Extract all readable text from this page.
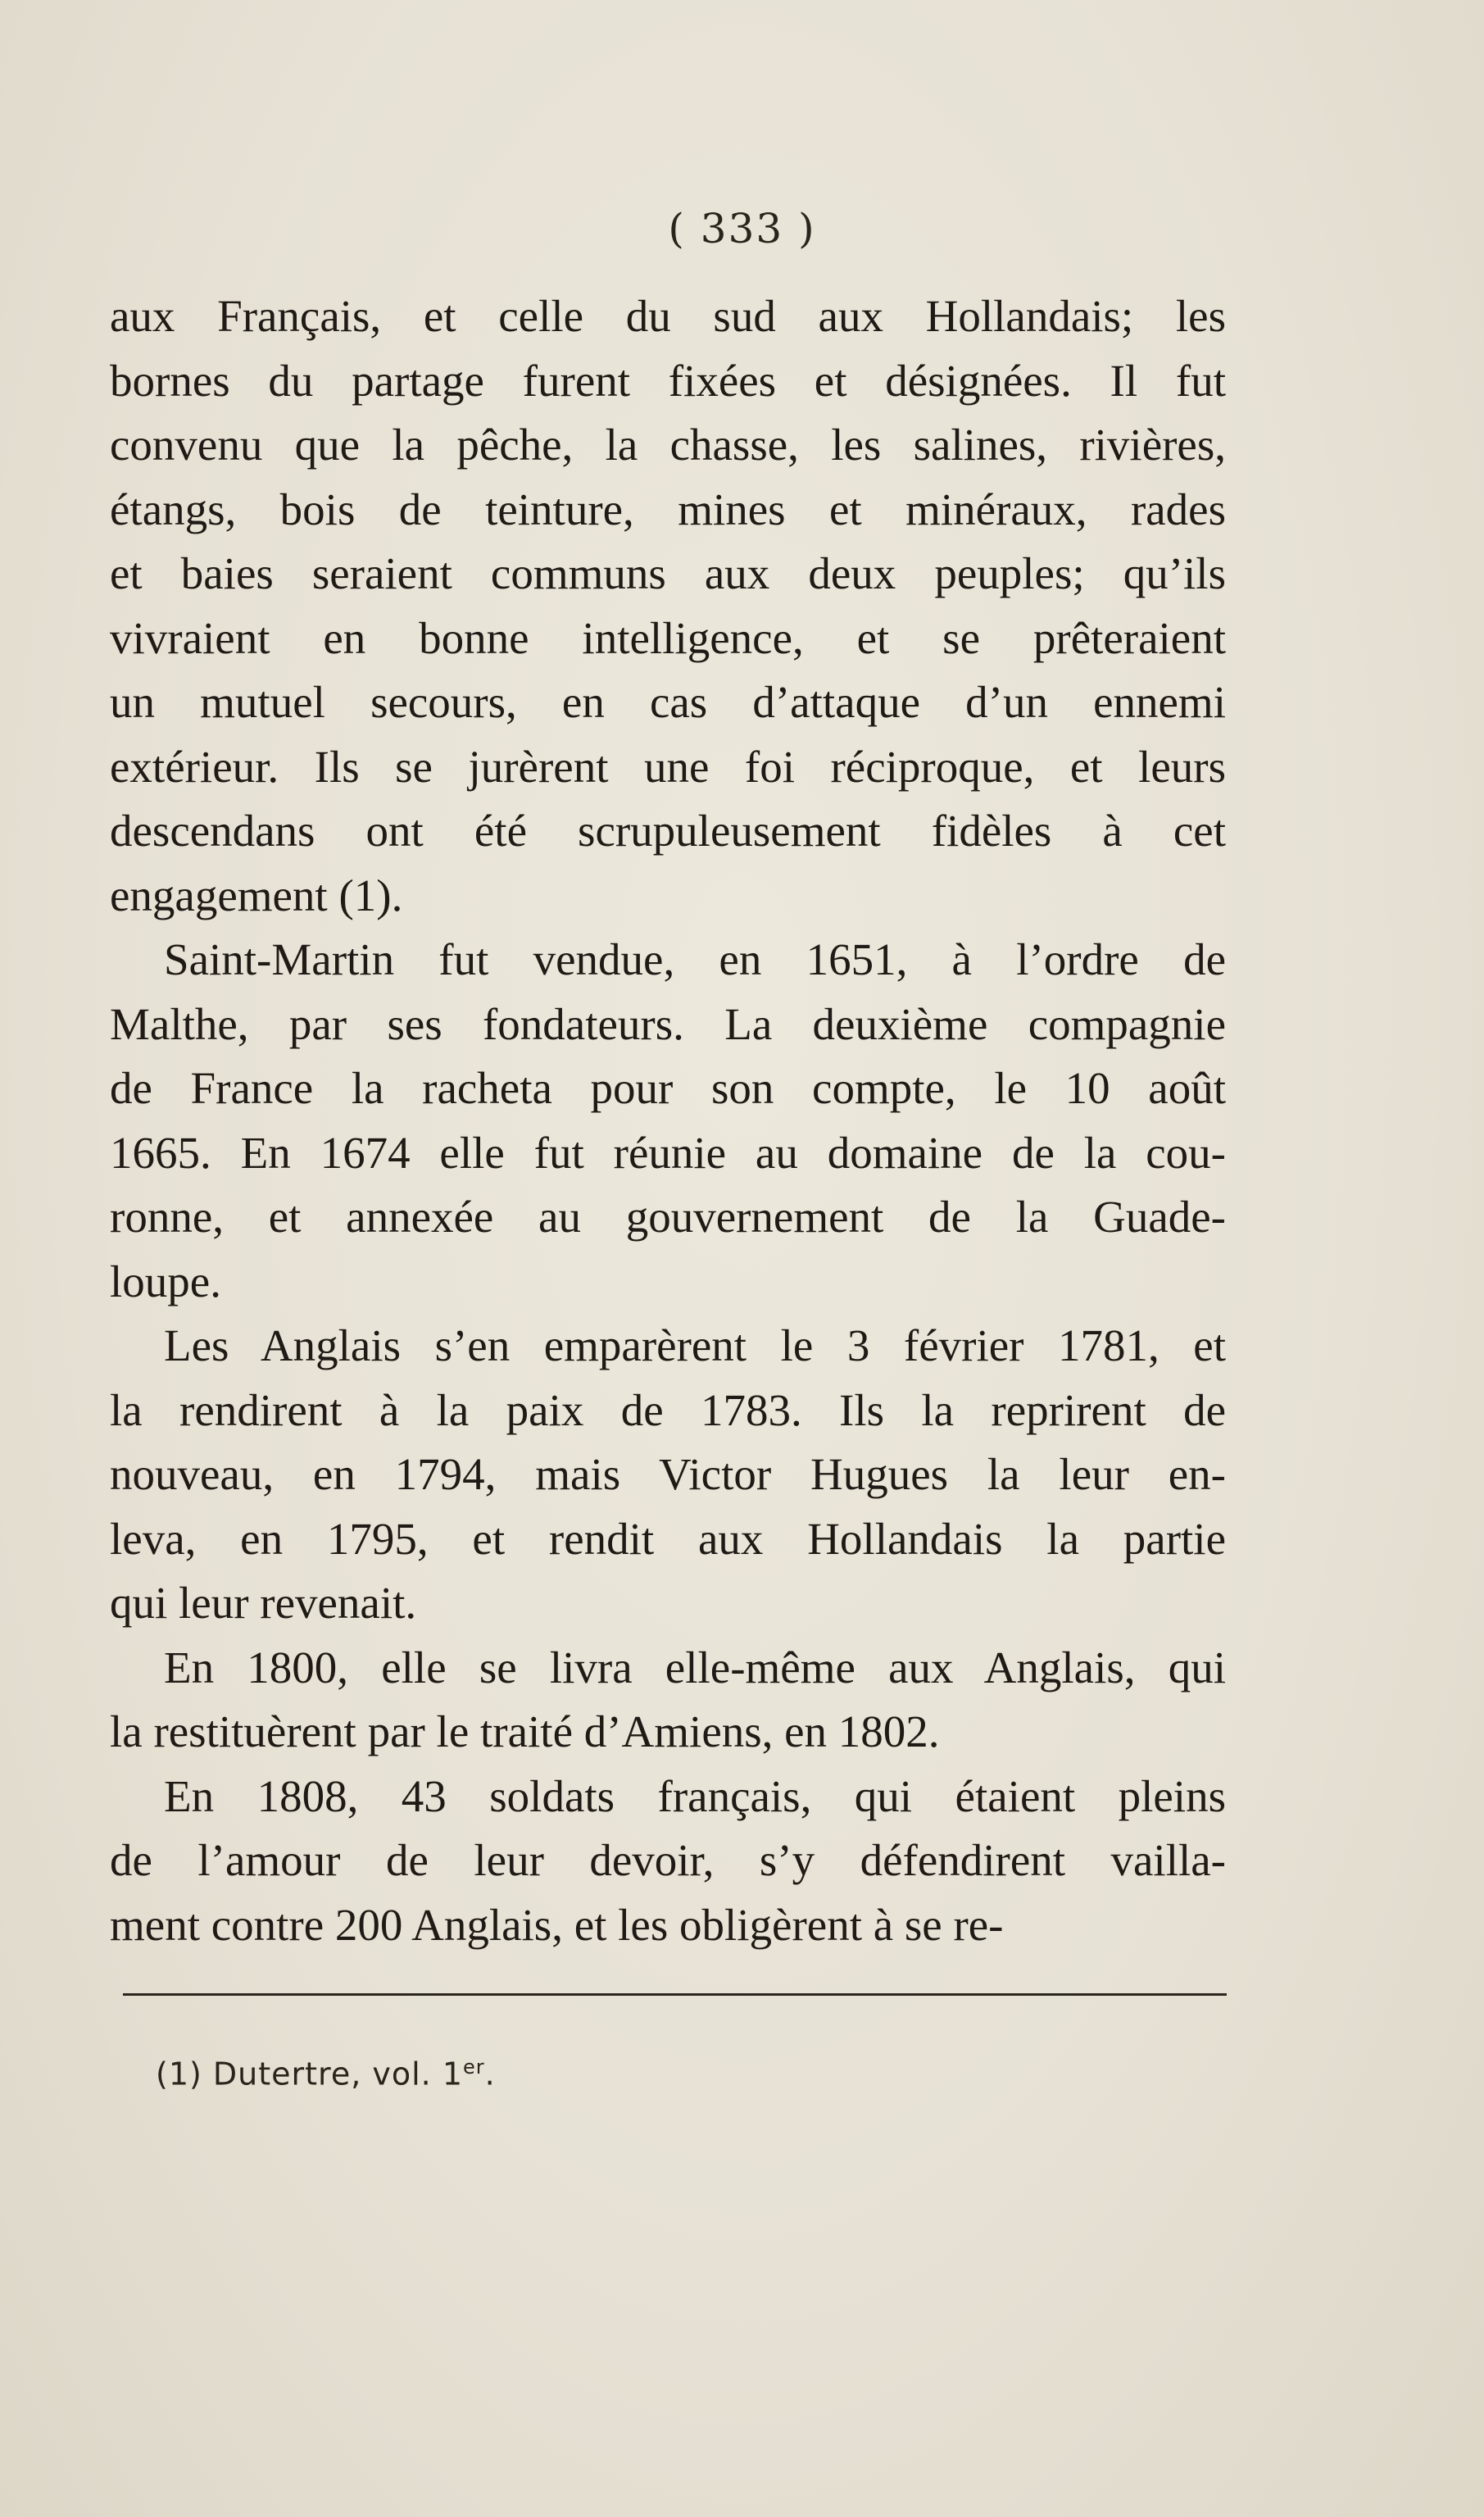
( 333 )
aux Français, et celle du sud aux Hollandais; les
bornes du partage furent fixées et désignées. Il fut
convenu que la pêche, la chasse, les salines, rivières,
étangs, bois de teinture, mines et minéraux, rades
et baies seraient communs aux deux peuples; qu’ils
vivraient en bonne intelligence, et se prêteraient
un mutuel secours, en cas d’attaque d’un ennemi
extérieur. Ils se jurèrent une foi réciproque, et leurs
descendans ont été scrupuleusement fidèles à cet
engagement (1).
Saint-Martin fut vendue, en 1651, à l’ordre de
Malthe, par ses fondateurs. La deuxième compagnie
de France la racheta pour son compte, le 10 août
1665. En 1674 elle fut réunie au domaine de la cou-
ronne, et annexée au gouvernement de la Guade-
loupe.
Les Anglais s’en emparèrent le 3 février 1781, et
la rendirent à la paix de 1783. Ils la reprirent de
nouveau, en 1794, mais Victor Hugues la leur en-
leva, en 1795, et rendit aux Hollandais la partie
qui leur revenait.
En 1800, elle se livra elle-même aux Anglais, qui
la restituèrent par le traité d’Amiens, en 1802.
En 1808, 43 soldats français, qui étaient pleins
de l’amour de leur devoir, s’y défendirent vailla-
ment contre 200 Anglais, et les obligèrent à se re-
(1) Dutertre, vol. 1er.
